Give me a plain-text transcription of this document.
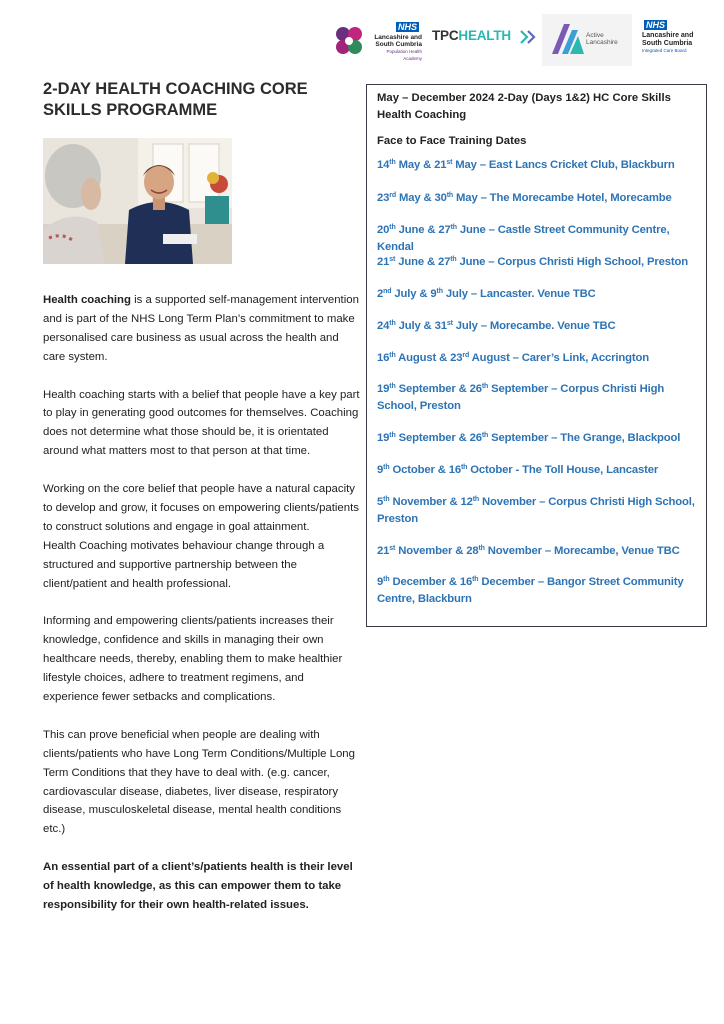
NHS
Lancashire and South Cumbria
Population Health Academy
TPCHEALTH	Active Lancashire
NHS
Lancashire and South Cumbria
Integrated Care Board
2-DAY HEALTH COACHING CORE SKILLS PROGRAMME

Health coaching is a supported self-management intervention and is part of the NHS Long Term Plan’s commitment to make personalised care business as usual across the health and care system.

Health coaching starts with a belief that people have a key part to play in generating good outcomes for themselves. Coaching does not determine what those should be, it is orientated around what matters most to that person at that time.

Working on the core belief that people have a natural capacity to develop and grow, it focuses on empowering clients/patients to construct solutions and engage in goal attainment.

Health Coaching motivates behaviour change through a structured and supportive partnership between the client/patient and health professional.

Informing and empowering clients/patients increases their knowledge, confidence and skills in managing their own healthcare needs, thereby, enabling them to make healthier lifestyle choices, adhere to treatment regimens, and experience fewer setbacks and complications.

This can prove beneficial when people are dealing with clients/patients who have Long Term Conditions/Multiple Long Term Conditions that they have to deal with. (e.g. cancer, cardiovascular disease, diabetes, liver disease, respiratory disease, musculoskeletal disease, mental health conditions etc.)

An essential part of a client’s/patients health is their level of health knowledge, as this can empower them to take responsibility for their own health-related issues.

May – December 2024 2-Day (Days 1&2) HC Core Skills Health Coaching
Face to Face Training Dates
14th May & 21st May – East Lancs Cricket Club, Blackburn
23rd May & 30th May – The Morecambe Hotel, Morecambe
20th June & 27th June – Castle Street Community Centre, Kendal
21st June & 27th June – Corpus Christi High School, Preston
2nd July & 9th July – Lancaster. Venue TBC
24th July & 31st July – Morecambe. Venue TBC
16th August & 23rd August – Carer’s Link, Accrington
19th September & 26th September – Corpus Christi High School, Preston
19th September & 26th September – The Grange, Blackpool
9th October & 16th October - The Toll House, Lancaster
5th November & 12th November – Corpus Christi High School, Preston
21st November & 28th November – Morecambe, Venue TBC
9th December & 16th December – Bangor Street Community Centre, Blackburn
